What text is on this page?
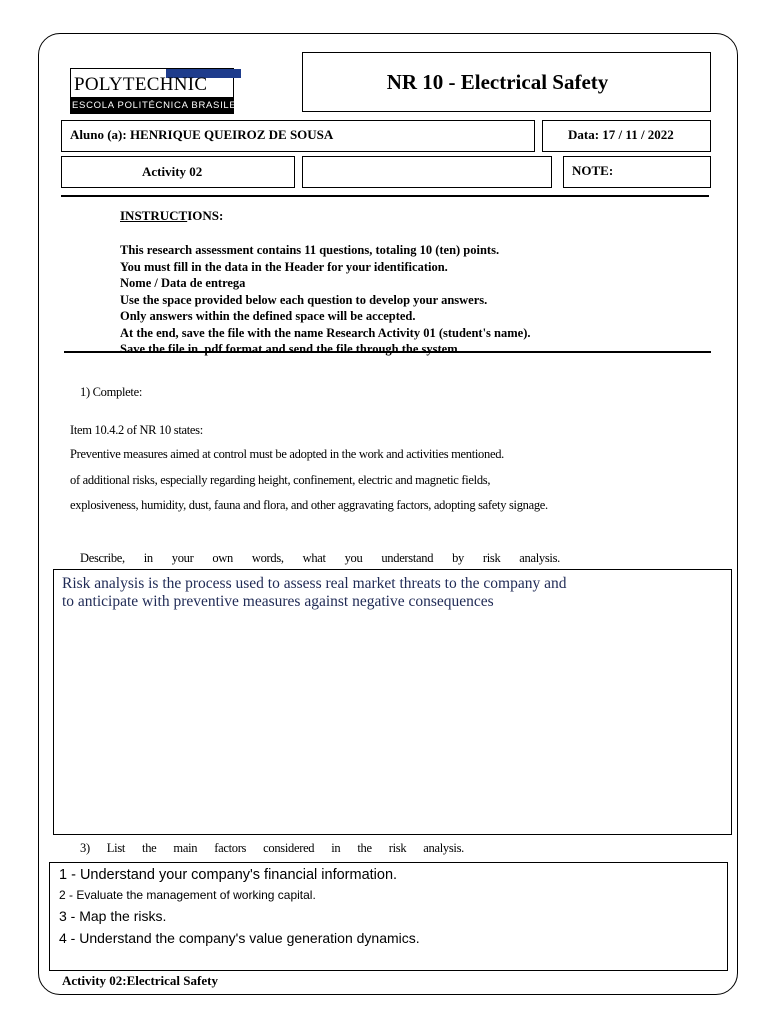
POLYTECHNIC
ESCOLA POLITÉCNICA BRASILEIRA
NR 10 - Electrical Safety
Aluno (a): HENRIQUE QUEIROZ DE SOUSA	Data: 17 / 11 / 2022
Activity 02	NOTE:
INSTRUCTIONS:
This research assessment contains 11 questions, totaling 10 (ten) points.
You must fill in the data in the Header for your identification.
Nome / Data de entrega
Use the space provided below each question to develop your answers.
Only answers within the defined space will be accepted.
At the end, save the file with the name Research Activity 01 (student's name).
Save the file in .pdf format and send the file through the system.
1) Complete:
Item 10.4.2 of NR 10 states:
Preventive measures aimed at control must be adopted in the work and activities mentioned.
of additional risks, especially regarding height, confinement, electric and magnetic fields,
explosiveness, humidity, dust, fauna and flora, and other aggravating factors, adopting safety signage.
Describe, in your own words, what you understand by risk analysis.
Risk analysis is the process used to assess real market threats to the company and
to anticipate with preventive measures against negative consequences
3) List the main factors considered in the risk analysis.
1 - Understand your company's financial information.
2 - Evaluate the management of working capital.
3 - Map the risks.
4 - Understand the company's value generation dynamics.
Activity 02:Electrical Safety
